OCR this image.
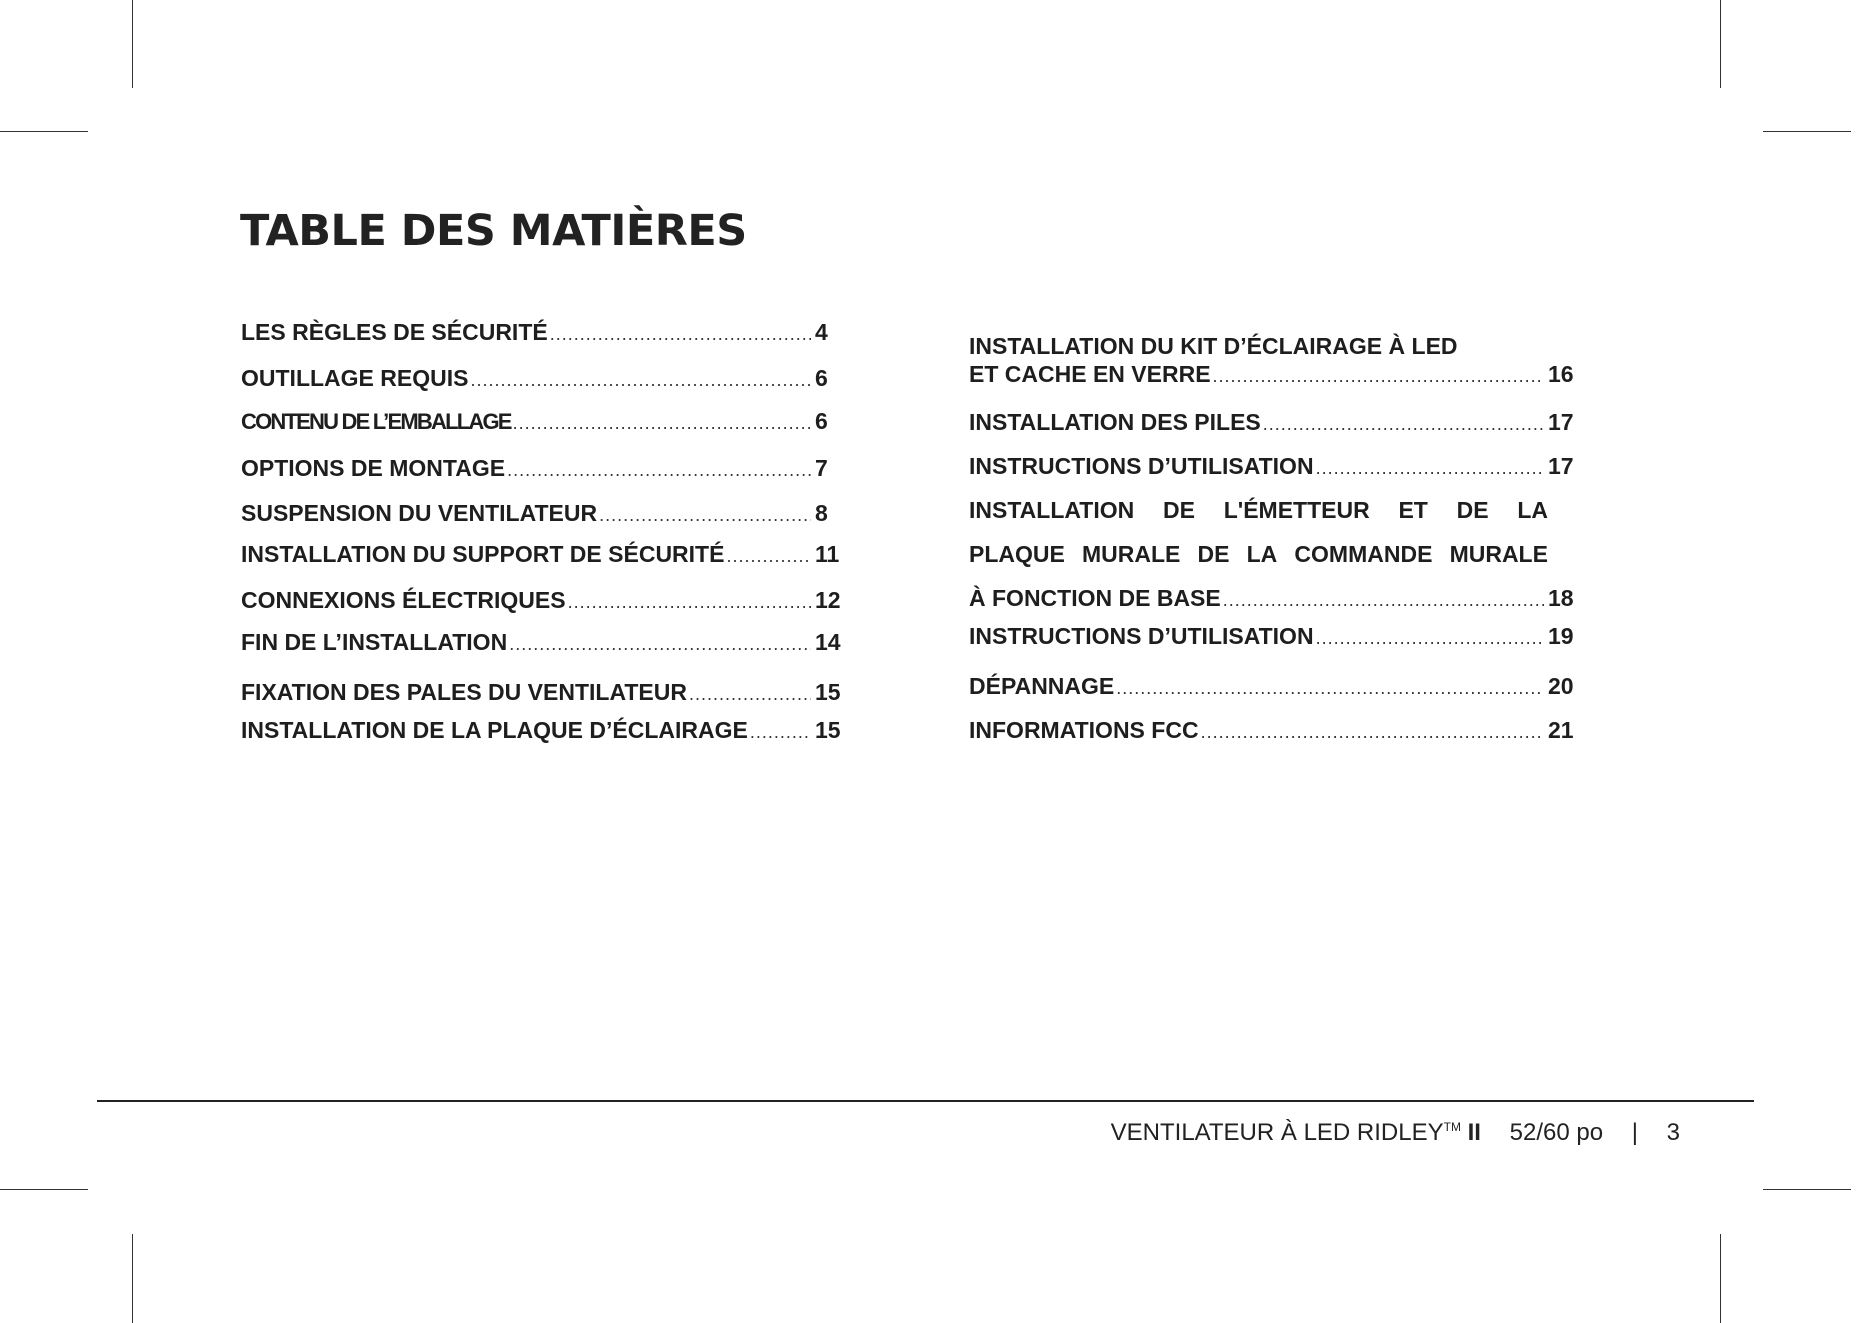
TABLE DES MATIÈRES
LES RÈGLES DE SÉCURITÉ .....	4
OUTILLAGE REQUIS .....	6
CONTENU DE L’EMBALLAGE .....	6
OPTIONS DE MONTAGE .....	7
SUSPENSION DU VENTILATEUR .....	8
INSTALLATION DU SUPPORT DE SÉCURITÉ .....	11
CONNEXIONS ÉLECTRIQUES .....	12
FIN DE L’INSTALLATION .....	14
FIXATION DES PALES DU VENTILATEUR .....	15
INSTALLATION DE LA PLAQUE D’ÉCLAIRAGE .....	15
INSTALLATION DU KIT D’ÉCLAIRAGE À LED
ET CACHE EN VERRE .....	16
INSTALLATION DES PILES .....	17
INSTRUCTIONS D’UTILISATION .....	17
INSTALLATION DE L'ÉMETTEUR ET DE LA
PLAQUE MURALE DE LA COMMANDE MURALE
À FONCTION DE BASE .....	18
INSTRUCTIONS D’UTILISATION .....	19
DÉPANNAGE .....	20
INFORMATIONS FCC .....	21
VENTILATEUR À LED RIDLEY™ II 52/60 po | 3
